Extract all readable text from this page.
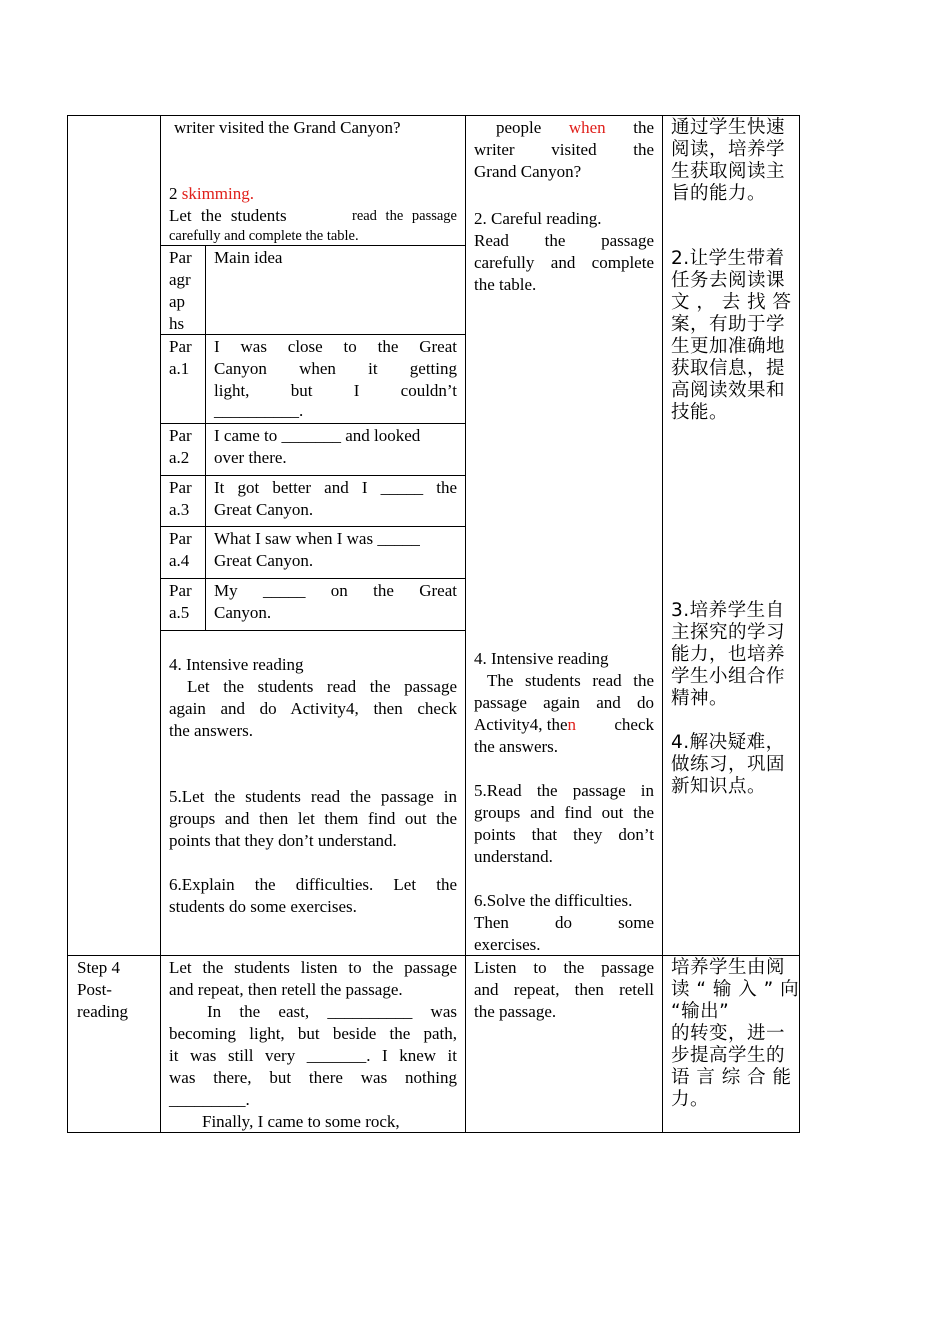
writer visited the Grand Canyon?
2 skimming.
Let the students	read the passage
carefully and complete the table.
Par
agr
ap
hs
Main idea
Par
a.1
I was close to the Great
Canyon when it getting
light, but I couldn’t
__________.
Par
a.2
I came to _______ and looked
over there.
Par
a.3
It got better and I _____ the
Great Canyon.
Par
a.4
What I saw when I was _____
Great Canyon.
Par
a.5
My _____ on the Great
Canyon.
4. Intensive reading
Let the students read the passage
again and do Activity4, then check
the answers.
5.Let the students read the passage in
groups and then let them find out the
points that they don’t understand.
6.Explain the difficulties. Let the
students do some exercises.
people when the
writer visited the
Grand Canyon?
2. Careful reading.
Read the passage
carefully and complete
the table.
4. Intensive reading
The students read the
passage again and do
Activity4, then check
the answers.
5.Read the passage in
groups and find out the
points that they don’t
understand.
6.Solve the difficulties.
Then do some
exercises.
通过学生快速
阅读，培养学
生获取阅读主
旨的能力。
2.让学生带着
任务去阅读课
文 ， 去 找 答
案，有助于学
生更加准确地
获取信息，提
高阅读效果和
技能。
3.培养学生自
主探究的学习
能力，也培养
学生小组合作
精神。
4.解决疑难，
做练习，巩固
新知识点。
Step 4
Post-
reading
Let the students listen to the passage
and repeat, then retell the passage.
In the east, __________ was
becoming light, but beside the path,
it was still very _______. I knew it
was there, but there was nothing
_________.
Finally, I came to some rock,
Listen to the passage
and repeat, then retell
the passage.
培养学生由阅
读 “ 输 入 ” 向
“输出”
的转变，进一
步提高学生的
语 言 综 合 能
力。
